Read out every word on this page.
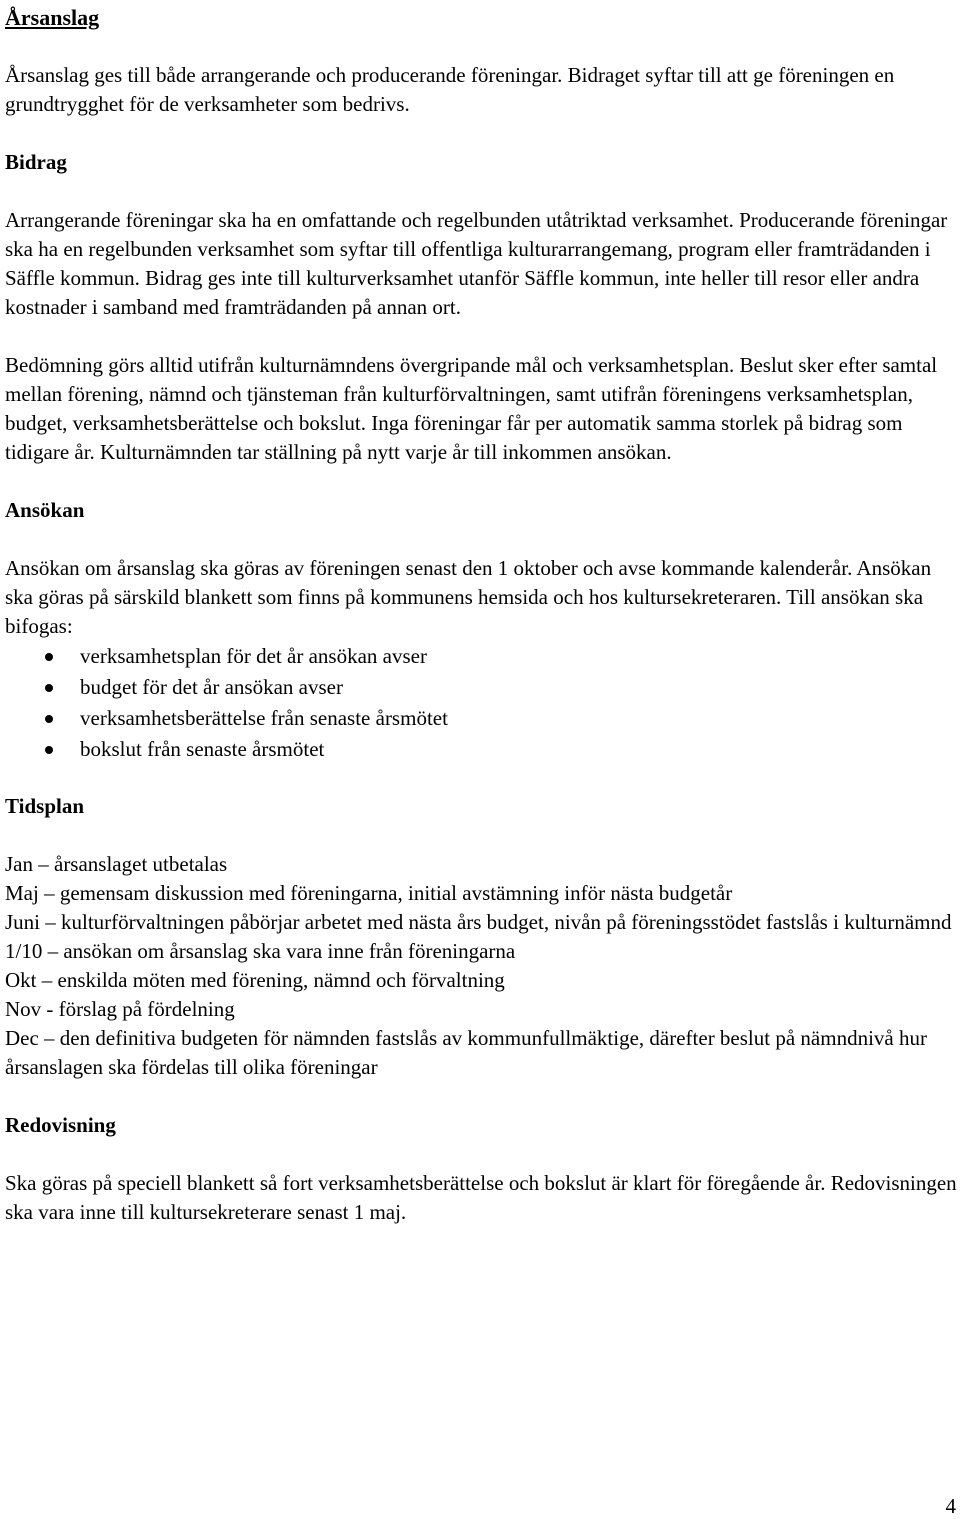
Årsanslag

Årsanslag ges till både arrangerande och producerande föreningar. Bidraget syftar till att ge föreningen en grundtrygghet för de verksamheter som bedrivs.

Bidrag

Arrangerande föreningar ska ha en omfattande och regelbunden utåtriktad verksamhet. Producerande föreningar ska ha en regelbunden verksamhet som syftar till offentliga kulturarrangemang, program eller framträdanden i Säffle kommun. Bidrag ges inte till kulturverksamhet utanför Säffle kommun, inte heller till resor eller andra kostnader i samband med framträdanden på annan ort.

Bedömning görs alltid utifrån kulturnämndens övergripande mål och verksamhetsplan. Beslut sker efter samtal mellan förening, nämnd och tjänsteman från kulturförvaltningen, samt utifrån föreningens verksamhetsplan, budget, verksamhetsberättelse och bokslut. Inga föreningar får per automatik samma storlek på bidrag som tidigare år. Kulturnämnden tar ställning på nytt varje år till inkommen ansökan.

Ansökan

Ansökan om årsanslag ska göras av föreningen senast den 1 oktober och avse kommande kalenderår. Ansökan ska göras på särskild blankett som finns på kommunens hemsida och hos kultursekreteraren. Till ansökan ska bifogas:

verksamhetsplan för det år ansökan avser
budget för det år ansökan avser
verksamhetsberättelse från senaste årsmötet
bokslut från senaste årsmötet
Tidsplan

Jan – årsanslaget utbetalas

Maj – gemensam diskussion med föreningarna, initial avstämning inför nästa budgetår

Juni – kulturförvaltningen påbörjar arbetet med nästa års budget, nivån på föreningsstödet fastslås i kulturnämnd

1/10 – ansökan om årsanslag ska vara inne från föreningarna

Okt – enskilda möten med förening, nämnd och förvaltning

Nov - förslag på fördelning

Dec – den definitiva budgeten för nämnden fastslås av kommunfullmäktige, därefter beslut på nämndnivå hur årsanslagen ska fördelas till olika föreningar

Redovisning

Ska göras på speciell blankett så fort verksamhetsberättelse och bokslut är klart för föregående år. Redovisningen ska vara inne till kultursekreterare senast 1 maj.

4
